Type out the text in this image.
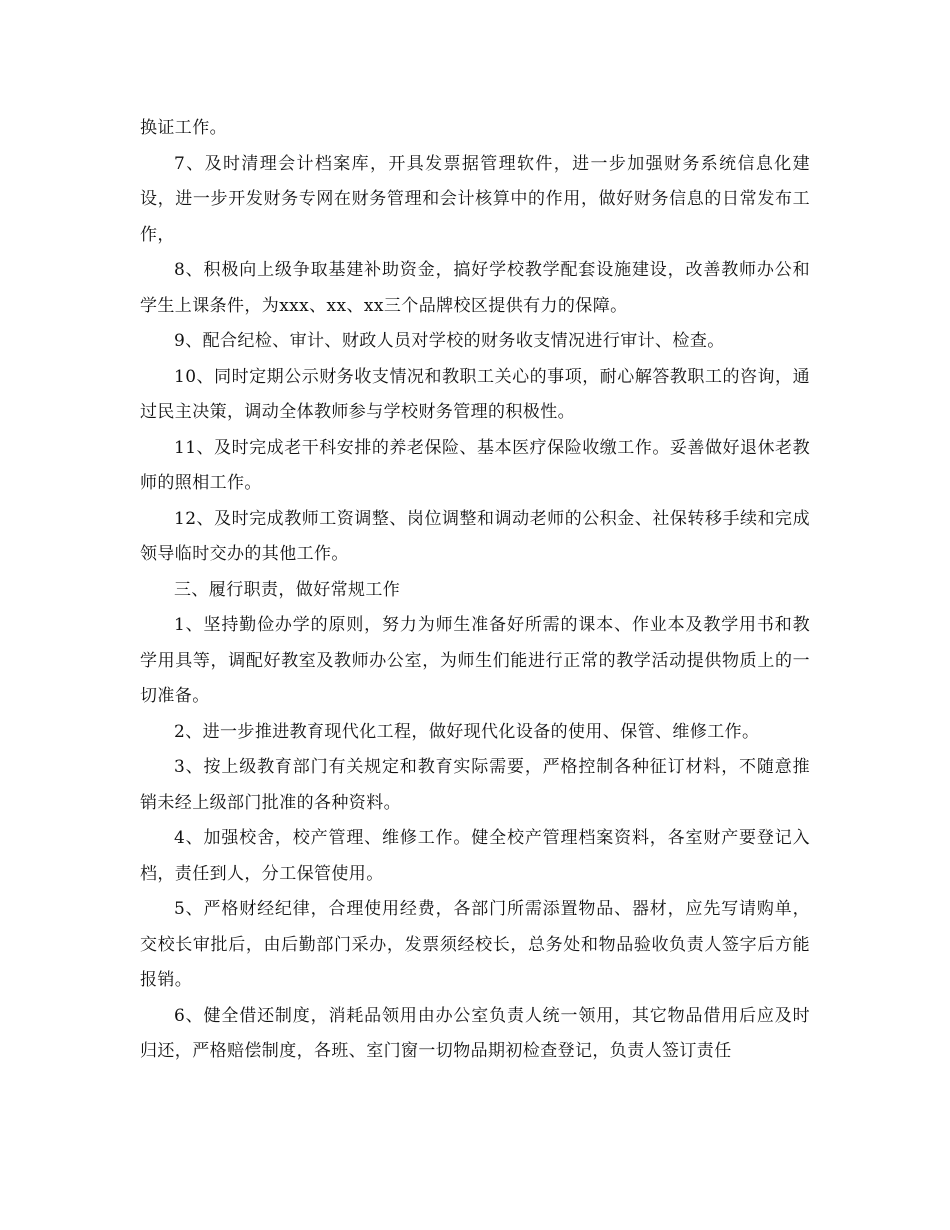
换证工作。

7、及时清理会计档案库，开具发票据管理软件，进一步加强财务系统信息化建设，进一步开发财务专网在财务管理和会计核算中的作用，做好财务信息的日常发布工作，

8、积极向上级争取基建补助资金，搞好学校教学配套设施建设，改善教师办公和学生上课条件，为xxx、xx、xx三个品牌校区提供有力的保障。

9、配合纪检、审计、财政人员对学校的财务收支情况进行审计、检查。

10、同时定期公示财务收支情况和教职工关心的事项，耐心解答教职工的咨询，通过民主决策，调动全体教师参与学校财务管理的积极性。

11、及时完成老干科安排的养老保险、基本医疗保险收缴工作。妥善做好退休老教师的照相工作。

12、及时完成教师工资调整、岗位调整和调动老师的公积金、社保转移手续和完成领导临时交办的其他工作。

三、履行职责，做好常规工作

1、坚持勤俭办学的原则，努力为师生准备好所需的课本、作业本及教学用书和教学用具等，调配好教室及教师办公室，为师生们能进行正常的教学活动提供物质上的一切准备。

2、进一步推进教育现代化工程，做好现代化设备的使用、保管、维修工作。

3、按上级教育部门有关规定和教育实际需要，严格控制各种征订材料，不随意推销未经上级部门批准的各种资料。

4、加强校舍，校产管理、维修工作。健全校产管理档案资料，各室财产要登记入档，责任到人，分工保管使用。

5、严格财经纪律，合理使用经费，各部门所需添置物品、器材，应先写请购单，交校长审批后，由后勤部门采办，发票须经校长，总务处和物品验收负责人签字后方能报销。

6、健全借还制度，消耗品领用由办公室负责人统一领用，其它物品借用后应及时归还，严格赔偿制度，各班、室门窗一切物品期初检查登记，负责人签订责任
